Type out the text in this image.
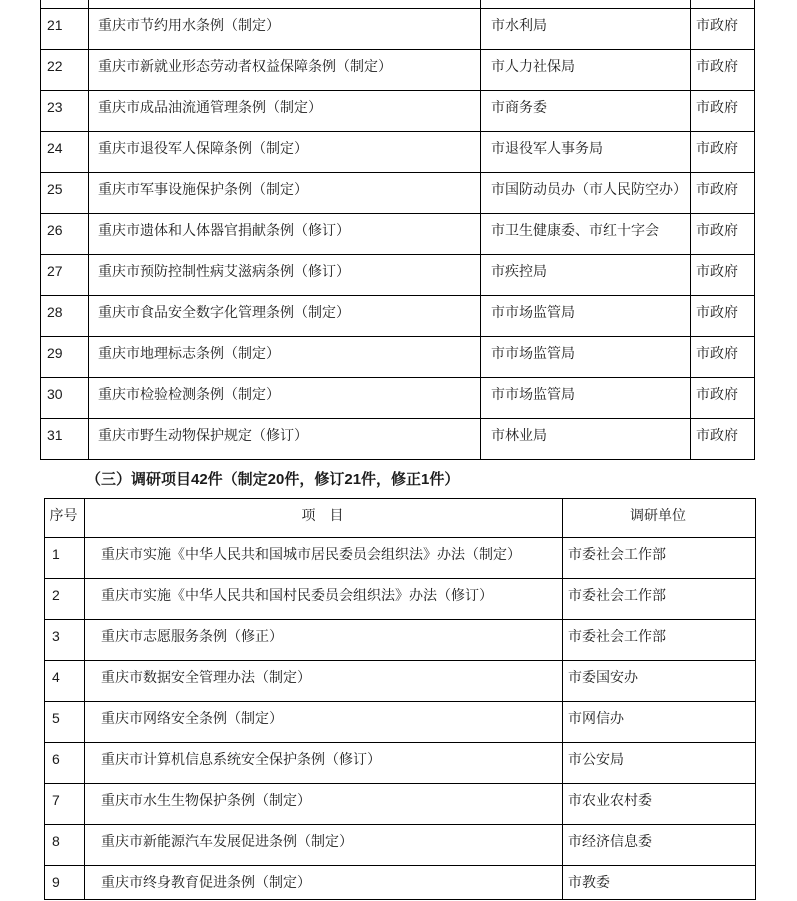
21	重庆市节约用水条例（制定）	市水利局	市政府
22	重庆市新就业形态劳动者权益保障条例（制定）	市人力社保局	市政府
23	重庆市成品油流通管理条例（制定）	市商务委	市政府
24	重庆市退役军人保障条例（制定）	市退役军人事务局	市政府
25	重庆市军事设施保护条例（制定）	市国防动员办（市人民防空办）	市政府
26	重庆市遗体和人体器官捐献条例（修订）	市卫生健康委、市红十字会	市政府
27	重庆市预防控制性病艾滋病条例（修订）	市疾控局	市政府
28	重庆市食品安全数字化管理条例（制定）	市市场监管局	市政府
29	重庆市地理标志条例（制定）	市市场监管局	市政府
30	重庆市检验检测条例（制定）	市市场监管局	市政府
31	重庆市野生动物保护规定（修订）	市林业局	市政府
（三）调研项目42件（制定20件，修订21件，修正1件）
序号	项　目	调研单位
1	重庆市实施《中华人民共和国城市居民委员会组织法》办法（制定）	市委社会工作部
2	重庆市实施《中华人民共和国村民委员会组织法》办法（修订）	市委社会工作部
3	重庆市志愿服务条例（修正）	市委社会工作部
4	重庆市数据安全管理办法（制定）	市委国安办
5	重庆市网络安全条例（制定）	市网信办
6	重庆市计算机信息系统安全保护条例（修订）	市公安局
7	重庆市水生生物保护条例（制定）	市农业农村委
8	重庆市新能源汽车发展促进条例（制定）	市经济信息委
9	重庆市终身教育促进条例（制定）	市教委
